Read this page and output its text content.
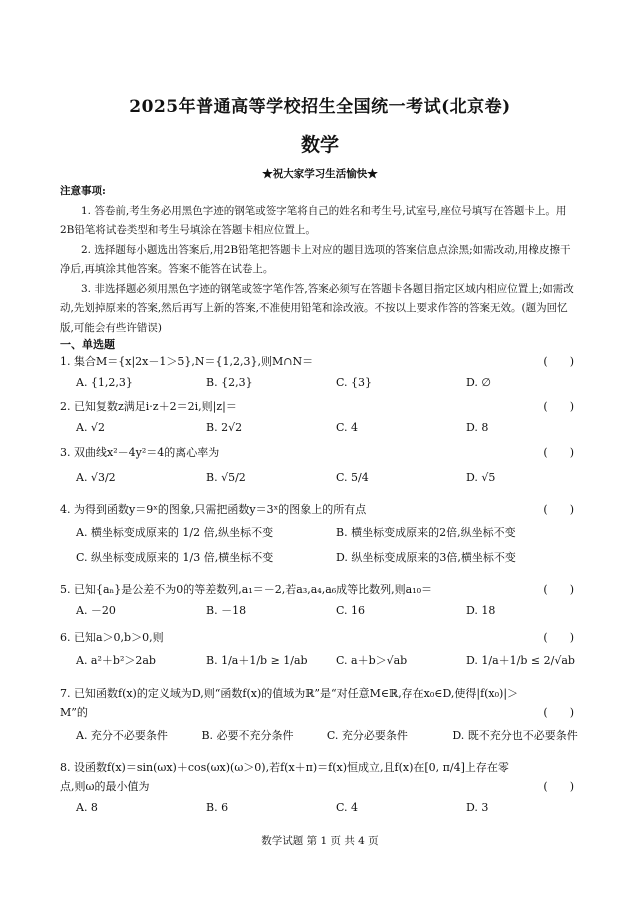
2025年普通高等学校招生全国统一考试(北京卷)
数学
★祝大家学习生活愉快★
注意事项:

1. 答卷前,考生务必用黑色字迹的钢笔或签字笔将自己的姓名和考生号,试室号,座位号填写在答题卡上。用2B铅笔将试卷类型和考生号填涂在答题卡相应位置上。

2. 选择题每小题选出答案后,用2B铅笔把答题卡上对应的题目选项的答案信息点涂黑;如需改动,用橡皮擦干净后,再填涂其他答案。答案不能答在试卷上。

3. 非选择题必须用黑色字迹的钢笔或签字笔作答,答案必须写在答题卡各题目指定区域内相应位置上;如需改动,先划掉原来的答案,然后再写上新的答案,不准使用铅笔和涂改液。不按以上要求作答的答案无效。(题为回忆版,可能会有些许错误)

一、单选题
1. 集合M＝{x|2x－1＞5},N＝{1,2,3},则M∩N＝	(　　)
A. {1,2,3}	B. {2,3}	C. {3}	D. ∅
2. 已知复数z满足i·z＋2＝2i,则|z|＝	(　　)
A. √2	B. 2√2	C. 4	D. 8
3. 双曲线x²－4y²＝4的离心率为	(　　)
A. √3/2	B. √5/2	C. 5/4	D. √5
4. 为得到函数y＝9ˣ的图象,只需把函数y＝3ˣ的图象上的所有点	(　　)
A. 横坐标变成原来的 1/2 倍,纵坐标不变	B. 横坐标变成原来的2倍,纵坐标不变
C. 纵坐标变成原来的 1/3 倍,横坐标不变	D. 纵坐标变成原来的3倍,横坐标不变
5. 已知{aₙ}是公差不为0的等差数列,a₁＝－2,若a₃,a₄,a₆成等比数列,则a₁₀＝	(　　)
A. －20	B. －18	C. 16	D. 18
6. 已知a＞0,b＞0,则	(　　)
A. a²＋b²＞2ab	B. 1/a＋1/b ≥ 1/ab	C. a＋b＞√ab	D. 1/a＋1/b ≤ 2/√ab
7. 已知函数f(x)的定义域为D,则“函数f(x)的值域为ℝ”是“对任意M∈ℝ,存在x₀∈D,使得|f(x₀)|＞M”的	(　　)
A. 充分不必要条件	B. 必要不充分条件	C. 充分必要条件	D. 既不充分也不必要条件
8. 设函数f(x)＝sin(ωx)＋cos(ωx)(ω＞0),若f(x＋π)＝f(x)恒成立,且f(x)在[0, π/4]上存在零点,则ω的最小值为	(　　)
A. 8	B. 6	C. 4	D. 3
数学试题 第 1 页 共 4 页
